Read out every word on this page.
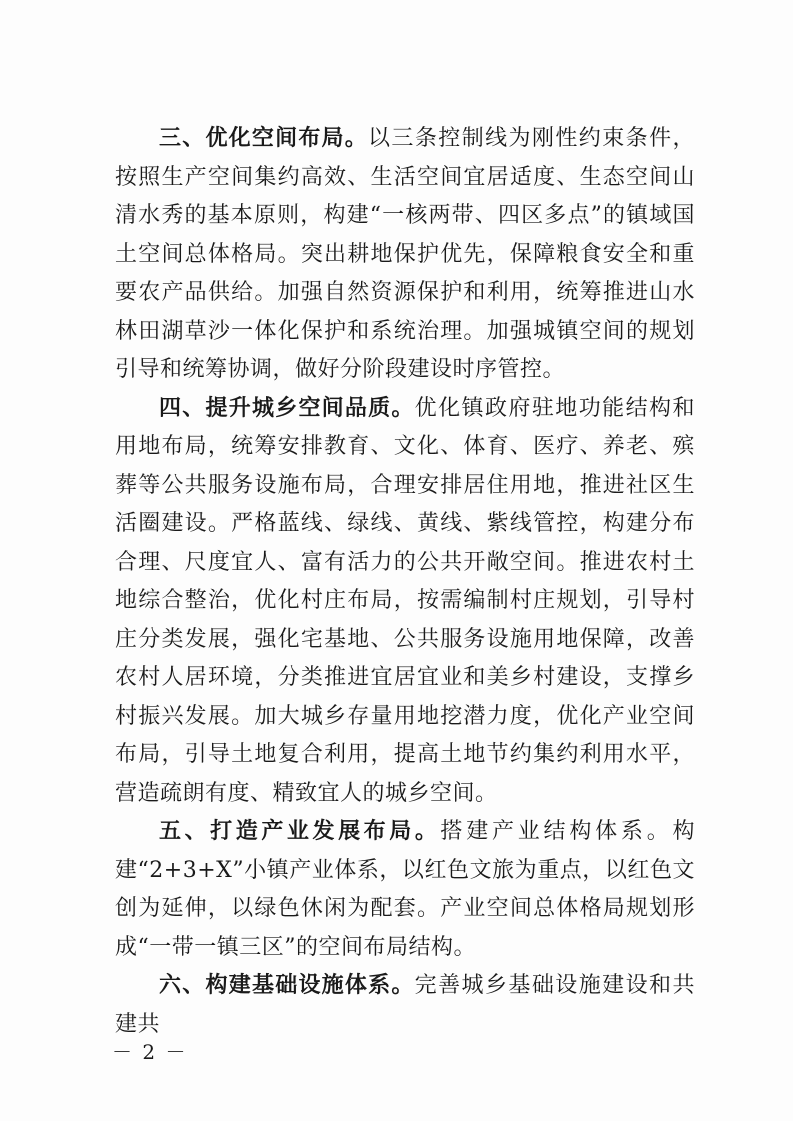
三、优化空间布局。以三条控制线为刚性约束条件，按照生产空间集约高效、生活空间宜居适度、生态空间山清水秀的基本原则，构建“一核两带、四区多点”的镇域国土空间总体格局。突出耕地保护优先，保障粮食安全和重要农产品供给。加强自然资源保护和利用，统筹推进山水林田湖草沙一体化保护和系统治理。加强城镇空间的规划引导和统筹协调，做好分阶段建设时序管控。

四、提升城乡空间品质。优化镇政府驻地功能结构和用地布局，统筹安排教育、文化、体育、医疗、养老、殡葬等公共服务设施布局，合理安排居住用地，推进社区生活圈建设。严格蓝线、绿线、黄线、紫线管控，构建分布合理、尺度宜人、富有活力的公共开敞空间。推进农村土地综合整治，优化村庄布局，按需编制村庄规划，引导村庄分类发展，强化宅基地、公共服务设施用地保障，改善农村人居环境，分类推进宜居宜业和美乡村建设，支撑乡村振兴发展。加大城乡存量用地挖潜力度，优化产业空间布局，引导土地复合利用，提高土地节约集约利用水平，营造疏朗有度、精致宜人的城乡空间。

五、打造产业发展布局。搭建产业结构体系。构建“2+3+X”小镇产业体系，以红色文旅为重点，以红色文创为延伸，以绿色休闲为配套。产业空间总体格局规划形成“一带一镇三区”的空间布局结构。

六、构建基础设施体系。完善城乡基础设施建设和共建共

－ 2 －
